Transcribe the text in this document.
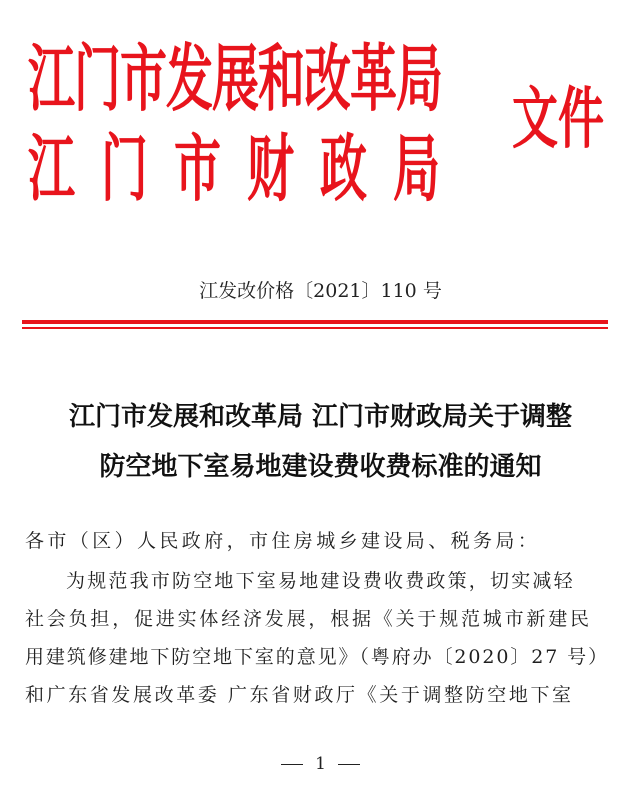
江门市发展和改革局
江门市财政局
文件
江发改价格〔2021〕110 号
江门市发展和改革局 江门市财政局关于调整
防空地下室易地建设费收费标准的通知
各市（区）人民政府，市住房城乡建设局、税务局：
为规范我市防空地下室易地建设费收费政策，切实减轻
社会负担，促进实体经济发展，根据《关于规范城市新建民
用建筑修建地下防空地下室的意见》（粤府办〔2020〕27 号）
和广东省发展改革委 广东省财政厅《关于调整防空地下室
1
